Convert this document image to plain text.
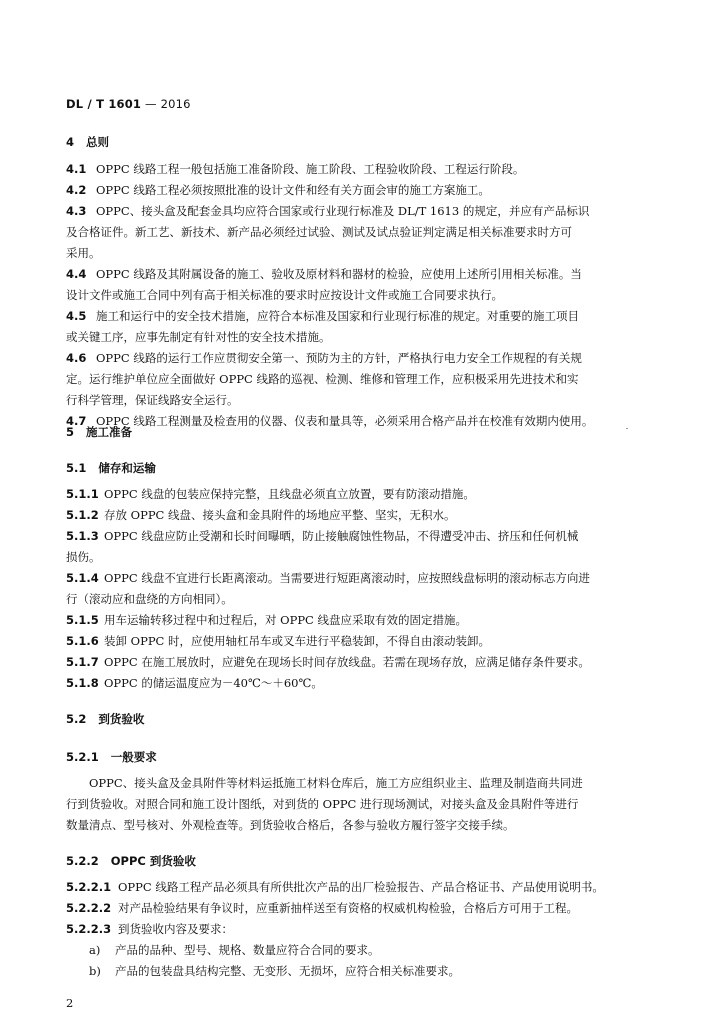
DL / T 1601 — 2016
4 总则
4.1 OPPC 线路工程一般包括施工准备阶段、施工阶段、工程验收阶段、工程运行阶段。
4.2 OPPC 线路工程必须按照批准的设计文件和经有关方面会审的施工方案施工。
4.3 OPPC、接头盒及配套金具均应符合国家或行业现行标准及 DL/T 1613 的规定，并应有产品标识
及合格证件。新工艺、新技术、新产品必须经过试验、测试及试点验证判定满足相关标准要求时方可
采用。
4.4 OPPC 线路及其附属设备的施工、验收及原材料和器材的检验，应使用上述所引用相关标准。当
设计文件或施工合同中列有高于相关标准的要求时应按设计文件或施工合同要求执行。
4.5 施工和运行中的安全技术措施，应符合本标准及国家和行业现行标准的规定。对重要的施工项目
或关键工序，应事先制定有针对性的安全技术措施。
4.6 OPPC 线路的运行工作应贯彻安全第一、预防为主的方针，严格执行电力安全工作规程的有关规
定。运行维护单位应全面做好 OPPC 线路的巡视、检测、维修和管理工作，应积极采用先进技术和实
行科学管理，保证线路安全运行。
4.7 OPPC 线路工程测量及检查用的仪器、仪表和量具等，必须采用合格产品并在校准有效期内使用。
5 施工准备
5.1 储存和运输
5.1.1 OPPC 线盘的包装应保持完整，且线盘必须直立放置，要有防滚动措施。
5.1.2 存放 OPPC 线盘、接头盒和金具附件的场地应平整、坚实，无积水。
5.1.3 OPPC 线盘应防止受潮和长时间曝晒，防止接触腐蚀性物品，不得遭受冲击、挤压和任何机械
损伤。
5.1.4 OPPC 线盘不宜进行长距离滚动。当需要进行短距离滚动时，应按照线盘标明的滚动标志方向进
行（滚动应和盘绕的方向相同）。
5.1.5 用车运输转移过程中和过程后，对 OPPC 线盘应采取有效的固定措施。
5.1.6 装卸 OPPC 时，应使用轴杠吊车或叉车进行平稳装卸，不得自由滚动装卸。
5.1.7 OPPC 在施工展放时，应避免在现场长时间存放线盘。若需在现场存放，应满足储存条件要求。
5.1.8 OPPC 的储运温度应为－40℃～＋60℃。
5.2 到货验收
5.2.1 一般要求
OPPC、接头盒及金具附件等材料运抵施工材料仓库后，施工方应组织业主、监理及制造商共同进
行到货验收。对照合同和施工设计图纸，对到货的 OPPC 进行现场测试，对接头盒及金具附件等进行
数量清点、型号核对、外观检查等。到货验收合格后，各参与验收方履行签字交接手续。
5.2.2 OPPC 到货验收
5.2.2.1 OPPC 线路工程产品必须具有所供批次产品的出厂检验报告、产品合格证书、产品使用说明书。
5.2.2.2 对产品检验结果有争议时，应重新抽样送至有资格的权威机构检验，合格后方可用于工程。
5.2.2.3 到货验收内容及要求：
a) 产品的品种、型号、规格、数量应符合合同的要求。
b) 产品的包装盘具结构完整、无变形、无损坏，应符合相关标准要求。
2
